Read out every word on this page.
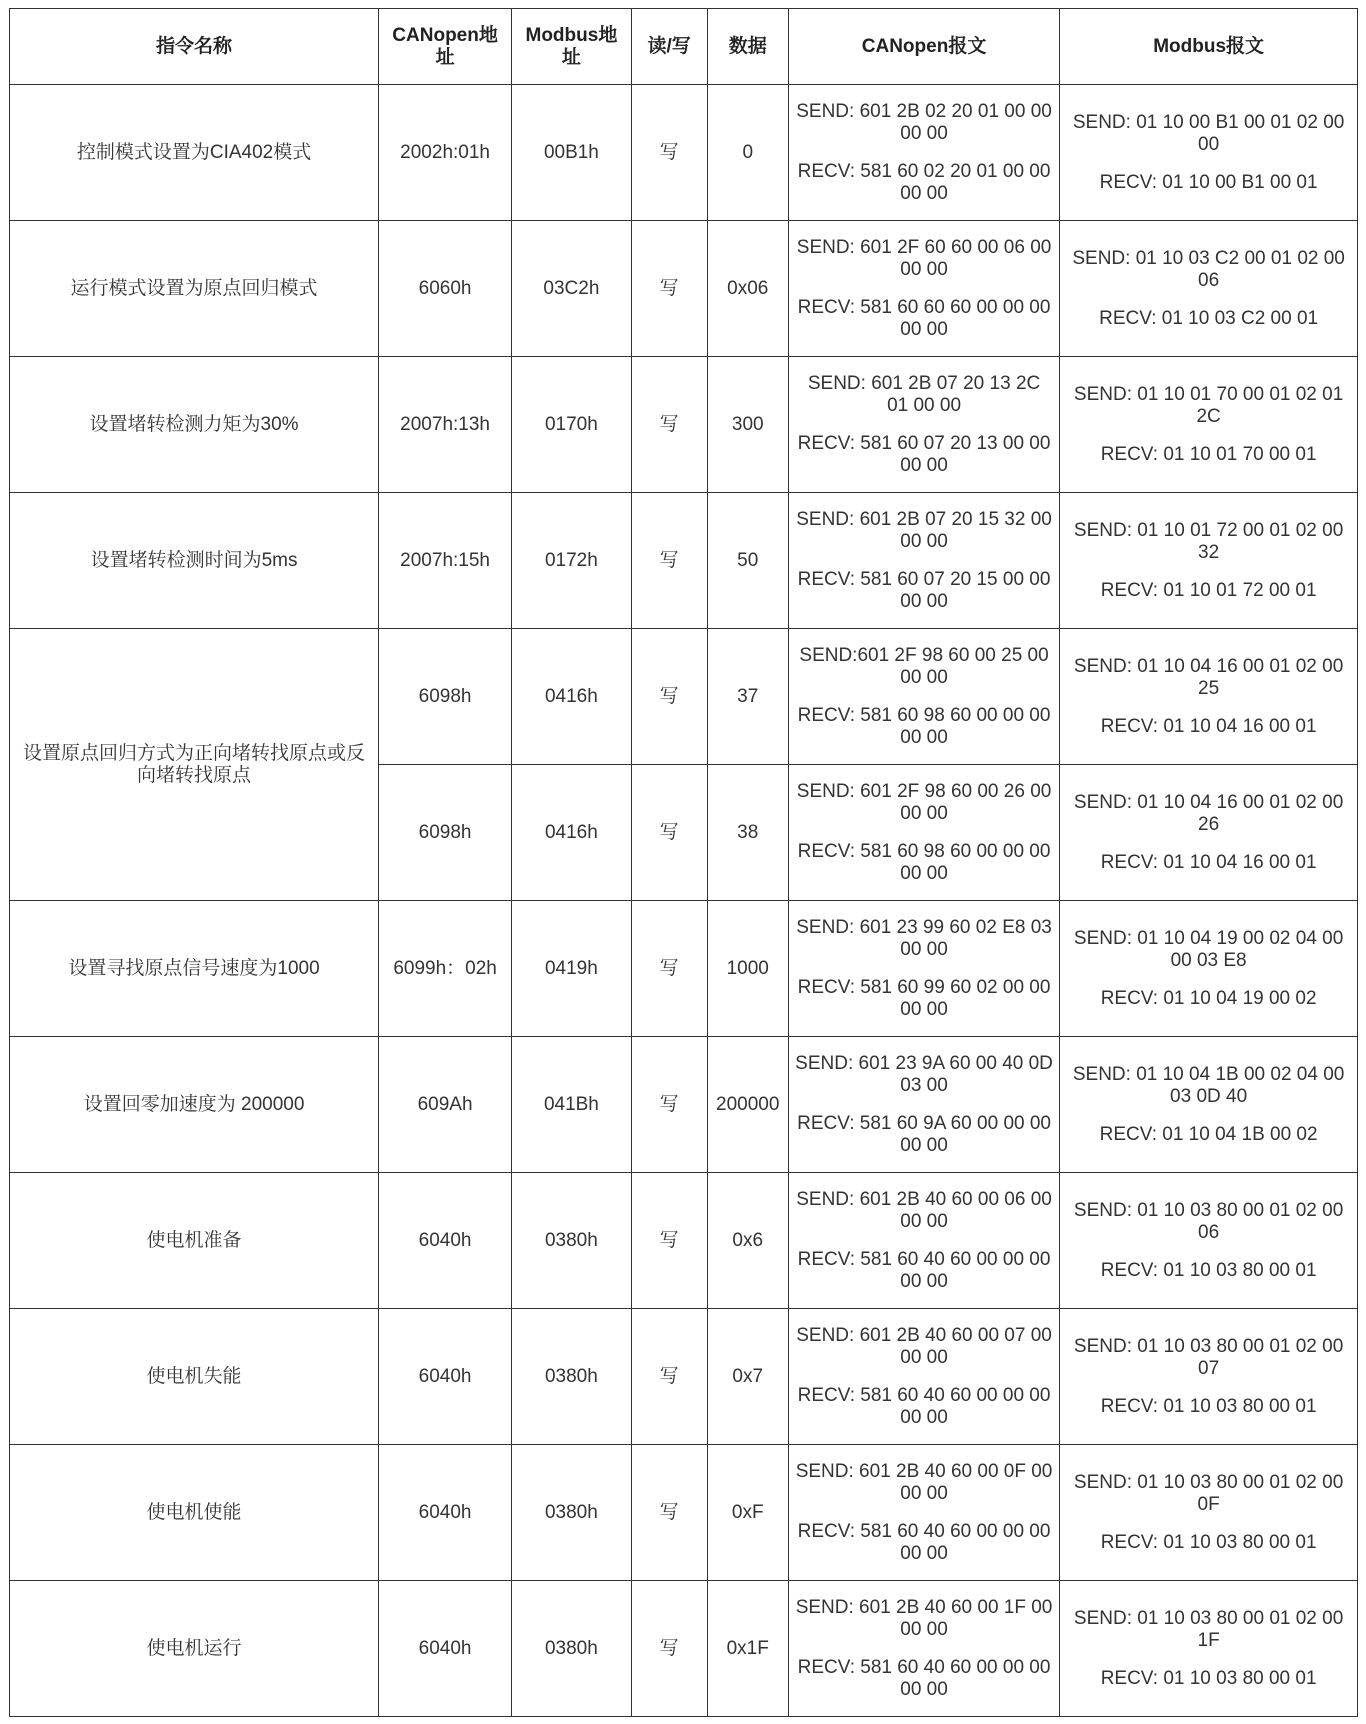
指令名称	CANopen地址	Modbus地址	读/写	数据	CANopen报文	Modbus报文
控制模式设置为CIA402模式	2002h:01h	00B1h	写	0	SEND: 601 2B 02 20 01 00 00 00 00
RECV: 581 60 02 20 01 00 00 00 00	SEND: 01 10 00 B1 00 01 02 00 00
RECV: 01 10 00 B1 00 01

运行模式设置为原点回归模式	6060h	03C2h	写	0x06	SEND: 601 2F 60 60 00 06 00 00 00
RECV: 581 60 60 60 00 00 00 00 00	SEND: 01 10 03 C2 00 01 02 00 06
RECV: 01 10 03 C2 00 01

设置堵转检测力矩为30%	2007h:13h	0170h	写	300	SEND: 601 2B 07 20 13 2C 01 00 00
RECV: 581 60 07 20 13 00 00 00 00	SEND: 01 10 01 70 00 01 02 01 2C
RECV: 01 10 01 70 00 01

设置堵转检测时间为5ms	2007h:15h	0172h	写	50	SEND: 601 2B 07 20 15 32 00 00 00
RECV: 581 60 07 20 15 00 00 00 00	SEND: 01 10 01 72 00 01 02 00 32
RECV: 01 10 01 72 00 01

设置原点回归方式为正向堵转找原点或反向堵转找原点	6098h	0416h	写	37	SEND:601 2F 98 60 00 25 00 00 00
RECV: 581 60 98 60 00 00 00 00 00	SEND: 01 10 04 16 00 01 02 00 25
RECV: 01 10 04 16 00 01

	6098h	0416h	写	38	SEND: 601 2F 98 60 00 26 00 00 00
RECV: 581 60 98 60 00 00 00 00 00	SEND: 01 10 04 16 00 01 02 00 26
RECV: 01 10 04 16 00 01

设置寻找原点信号速度为1000	6099h：02h	0419h	写	1000	SEND: 601 23 99 60 02 E8 03 00 00
RECV: 581 60 99 60 02 00 00 00 00	SEND: 01 10 04 19 00 02 04 00 00 03 E8
RECV: 01 10 04 19 00 02

设置回零加速度为 200000	609Ah	041Bh	写	200000	SEND: 601 23 9A 60 00 40 0D 03 00
RECV: 581 60 9A 60 00 00 00 00 00	SEND: 01 10 04 1B 00 02 04 00 03 0D 40
RECV: 01 10 04 1B 00 02

使电机准备	6040h	0380h	写	0x6	SEND: 601 2B 40 60 00 06 00 00 00
RECV: 581 60 40 60 00 00 00 00 00	SEND: 01 10 03 80 00 01 02 00 06
RECV: 01 10 03 80 00 01

使电机失能	6040h	0380h	写	0x7	SEND: 601 2B 40 60 00 07 00 00 00
RECV: 581 60 40 60 00 00 00 00 00	SEND: 01 10 03 80 00 01 02 00 07
RECV: 01 10 03 80 00 01

使电机使能	6040h	0380h	写	0xF	SEND: 601 2B 40 60 00 0F 00 00 00
RECV: 581 60 40 60 00 00 00 00 00	SEND: 01 10 03 80 00 01 02 00 0F
RECV: 01 10 03 80 00 01

使电机运行	6040h	0380h	写	0x1F	SEND: 601 2B 40 60 00 1F 00 00 00
RECV: 581 60 40 60 00 00 00 00 00	SEND: 01 10 03 80 00 01 02 00 1F
RECV: 01 10 03 80 00 01
